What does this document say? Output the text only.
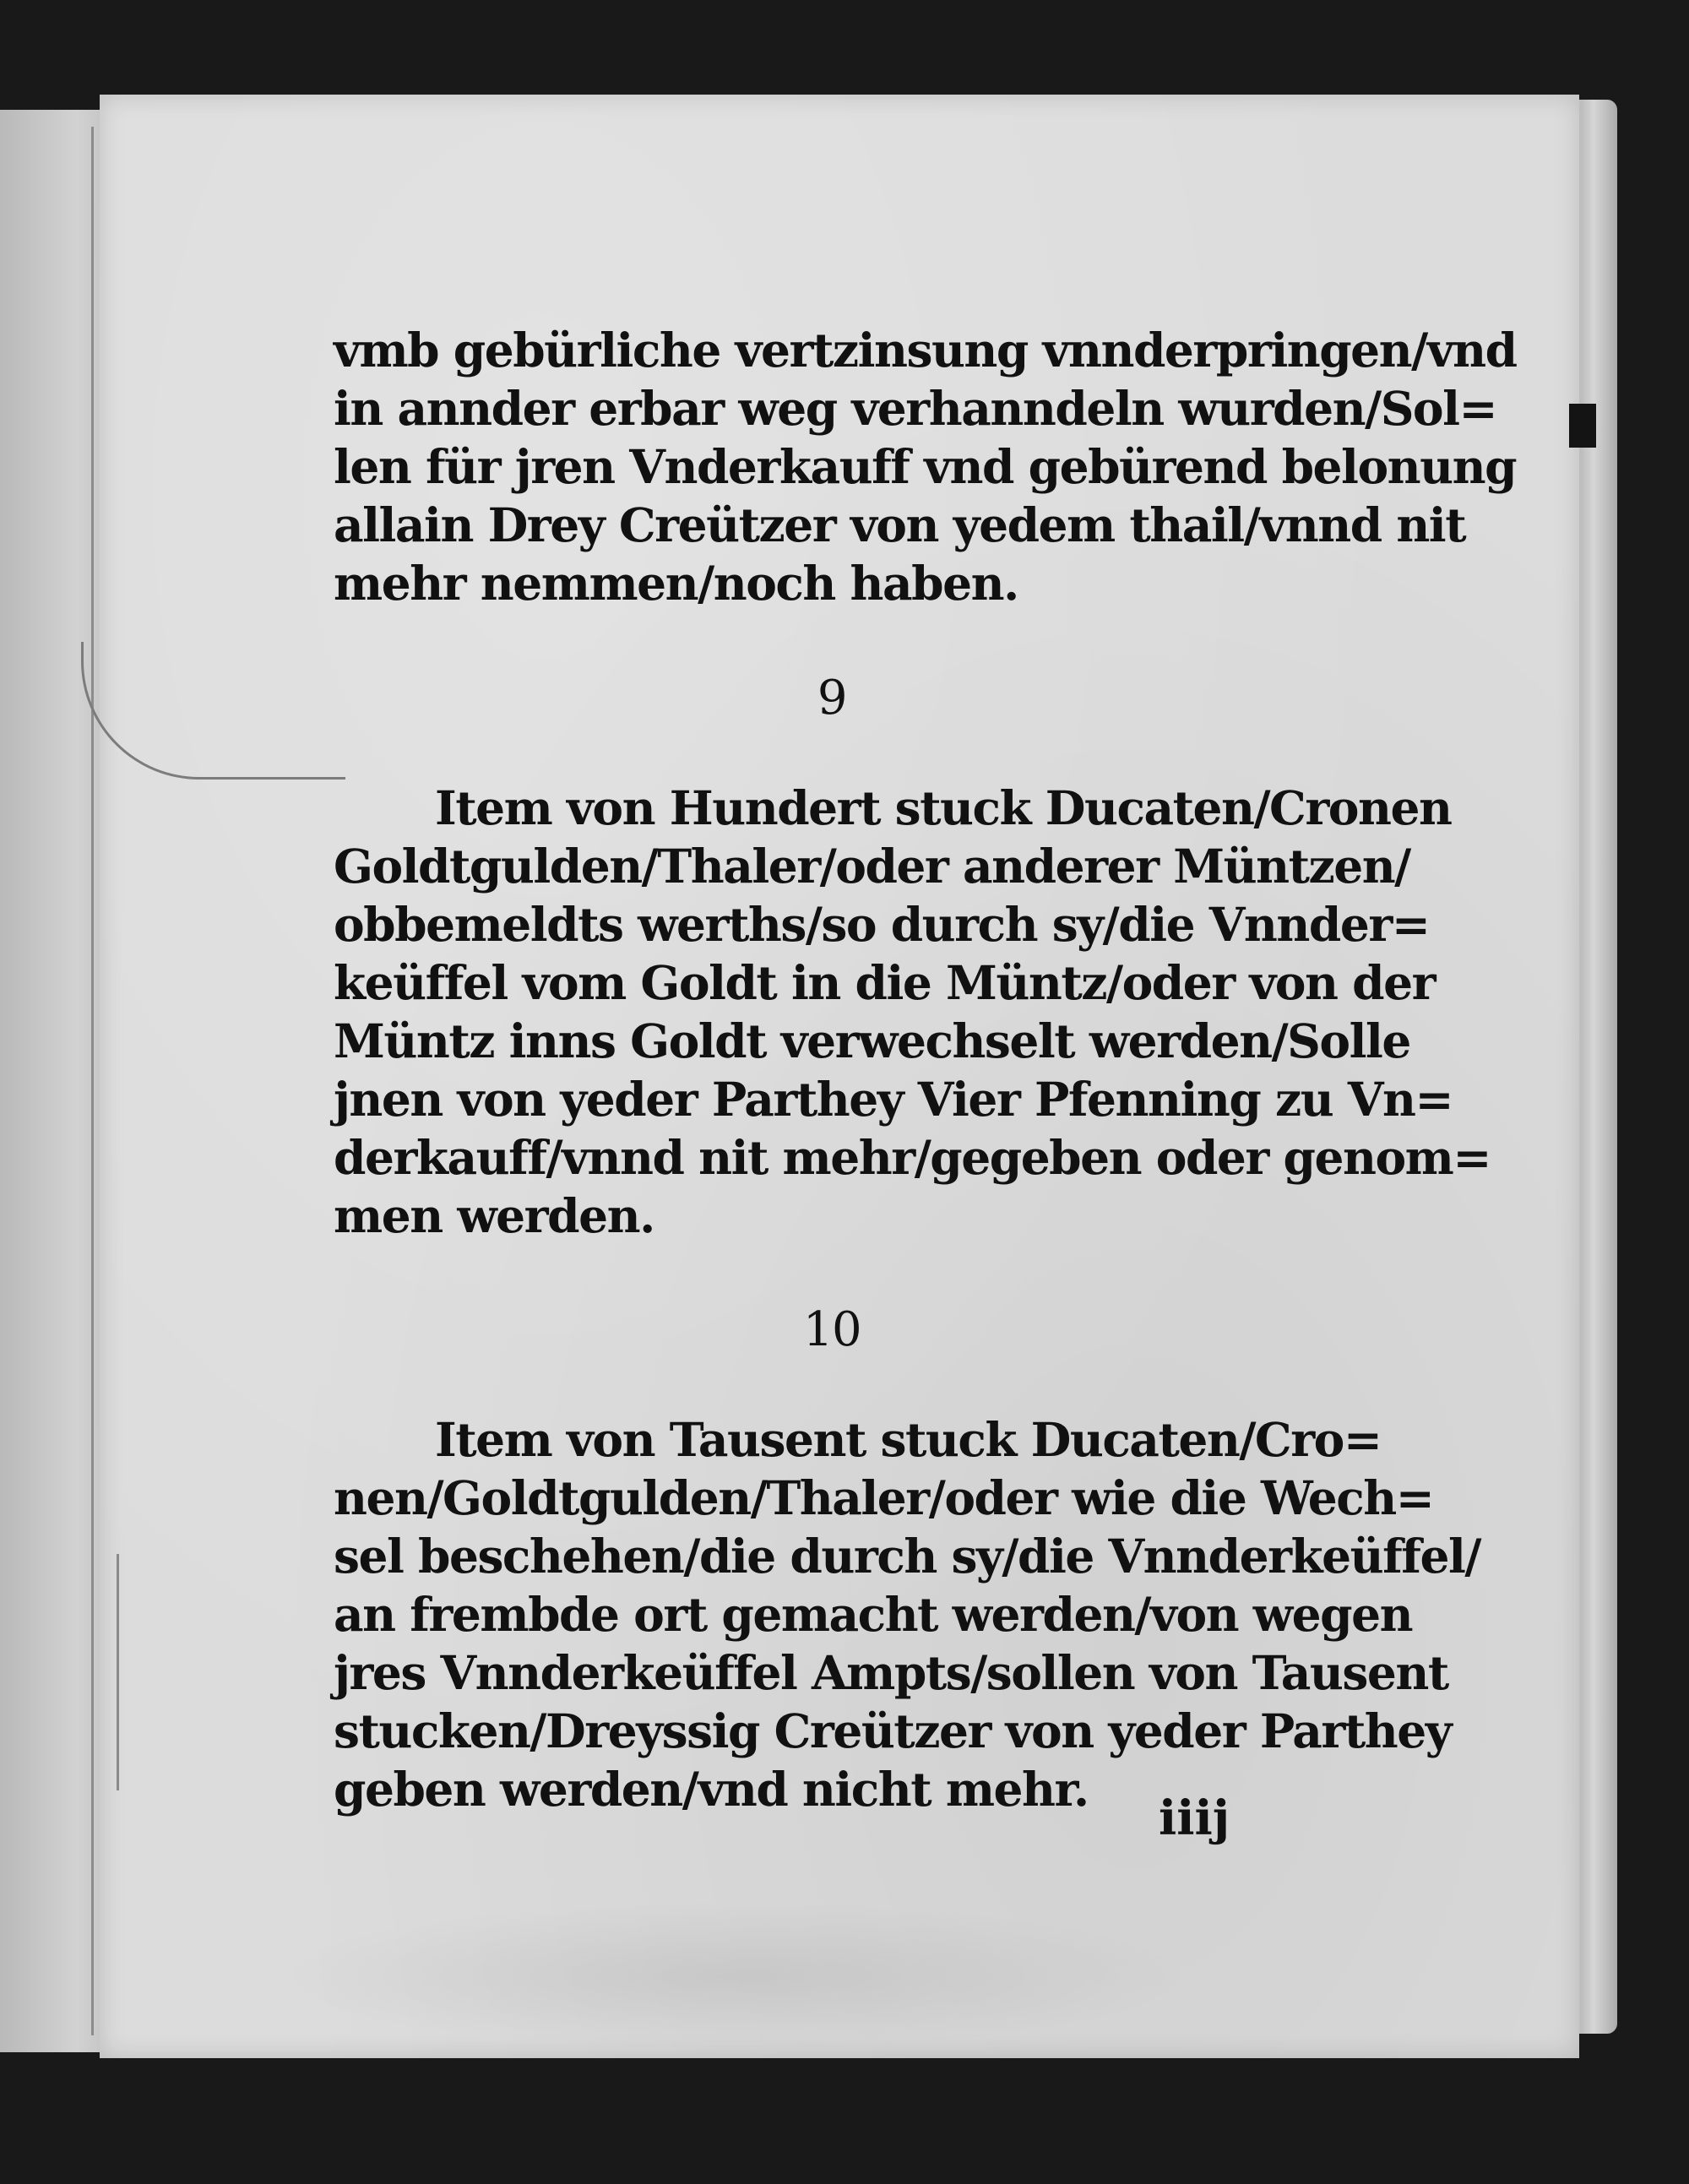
vmb gebürliche vertzinsung vnnderpringen/vnd
in annder erbar weg verhanndeln wurden/Sol=
len für jren Vnderkauff vnd gebürend belonung
allain Drey Creützer von yedem thail/vnnd nit
mehr nemmen/noch haben.
9
Item von Hundert stuck Ducaten/Cronen
Goldtgulden/Thaler/oder anderer Müntzen/
obbemeldts werths/so durch sy/die Vnnder=
keüffel vom Goldt in die Müntz/oder von der
Müntz inns Goldt verwechselt werden/Solle
jnen von yeder Parthey Vier Pfenning zu Vn=
derkauff/vnnd nit mehr/gegeben oder genom=
men werden.
10
Item von Tausent stuck Ducaten/Cro=
nen/Goldtgulden/Thaler/oder wie die Wech=
sel beschehen/die durch sy/die Vnnderkeüffel/
an frembde ort gemacht werden/von wegen
jres Vnnderkeüffel Ampts/sollen von Tausent
stucken/Dreyssig Creützer von yeder Parthey
geben werden/vnd nicht mehr.
iiij
